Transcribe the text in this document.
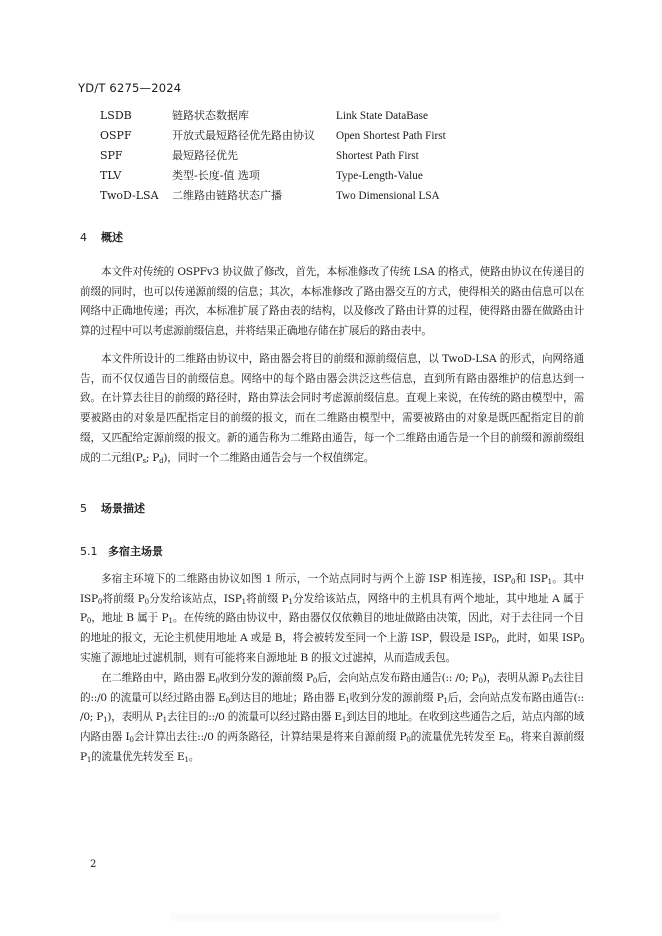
YD/T 6275—2024
LSDB	链路状态数据库	Link State DataBase
OSPF	开放式最短路径优先路由协议 Open Shortest Path First
SPF	最短路径优先	Shortest Path First
TLV	类型-长度-值 选项	Type-Length-Value
TwoD-LSA 二维路由链路状态广播	Two Dimensional LSA
4 概述

本文件对传统的 OSPFv3 协议做了修改，首先，本标准修改了传统 LSA 的格式，使路由协议在传递目的前缀的同时，也可以传递源前缀的信息；其次，本标准修改了路由器交互的方式，使得相关的路由信息可以在网络中正确地传递；再次，本标准扩展了路由表的结构，以及修改了路由计算的过程，使得路由器在做路由计算的过程中可以考虑源前缀信息，并将结果正确地存储在扩展后的路由表中。

本文件所设计的二维路由协议中，路由器会将目的前缀和源前缀信息，以 TwoD-LSA 的形式，向网络通告，而不仅仅通告目的前缀信息。网络中的每个路由器会洪泛这些信息，直到所有路由器维护的信息达到一致。在计算去往目的前缀的路径时，路由算法会同时考虑源前缀信息。直观上来说，在传统的路由模型中，需要被路由的对象是匹配指定目的前缀的报文，而在二维路由模型中，需要被路由的对象是既匹配指定目的前缀，又匹配给定源前缀的报文。新的通告称为二维路由通告，每一个二维路由通告是一个目的前缀和源前缀组成的二元组($P_s$; $P_d$)，同时一个二维路由通告会与一个权值绑定。

5 场景描述
5.1 多宿主场景

多宿主环境下的二维路由协议如图 1 所示，一个站点同时与两个上游 ISP 相连接，$ISP_0$和 $ISP_1$。其中 $ISP_0$将前缀 $P_0$分发给该站点，$ISP_1$将前缀 $P_1$分发给该站点，网络中的主机具有两个地址，其中地址 A 属于 $P_0$，地址 B 属于 $P_1$。在传统的路由协议中，路由器仅仅依赖目的地址做路由决策，因此，对于去往同一个目的地址的报文，无论主机使用地址 A 或是 B，将会被转发至同一个上游 ISP，假设是 $ISP_0$，此时，如果 $ISP_0$实施了源地址过滤机制，则有可能将来自源地址 B 的报文过滤掉，从而造成丢包。

在二维路由中，路由器 $E_0$收到分发的源前缀 $P_0$后，会向站点发布路由通告(:: /0; $P_0$)，表明从源 $P_0$去往目的::/0 的流量可以经过路由器 $E_0$到达目的地址；路由器 $E_1$收到分发的源前缀 $P_1$后，会向站点发布路由通告(:: /0; $P_1$)，表明从 $P_1$去往目的::/0 的流量可以经过路由器 $E_1$到达目的地址。在收到这些通告之后，站点内部的域内路由器 $I_0$会计算出去往::/0 的两条路径，计算结果是将来自源前缀 $P_0$的流量优先转发至 $E_0$，将来自源前缀 $P_1$的流量优先转发至 $E_1$。

2
